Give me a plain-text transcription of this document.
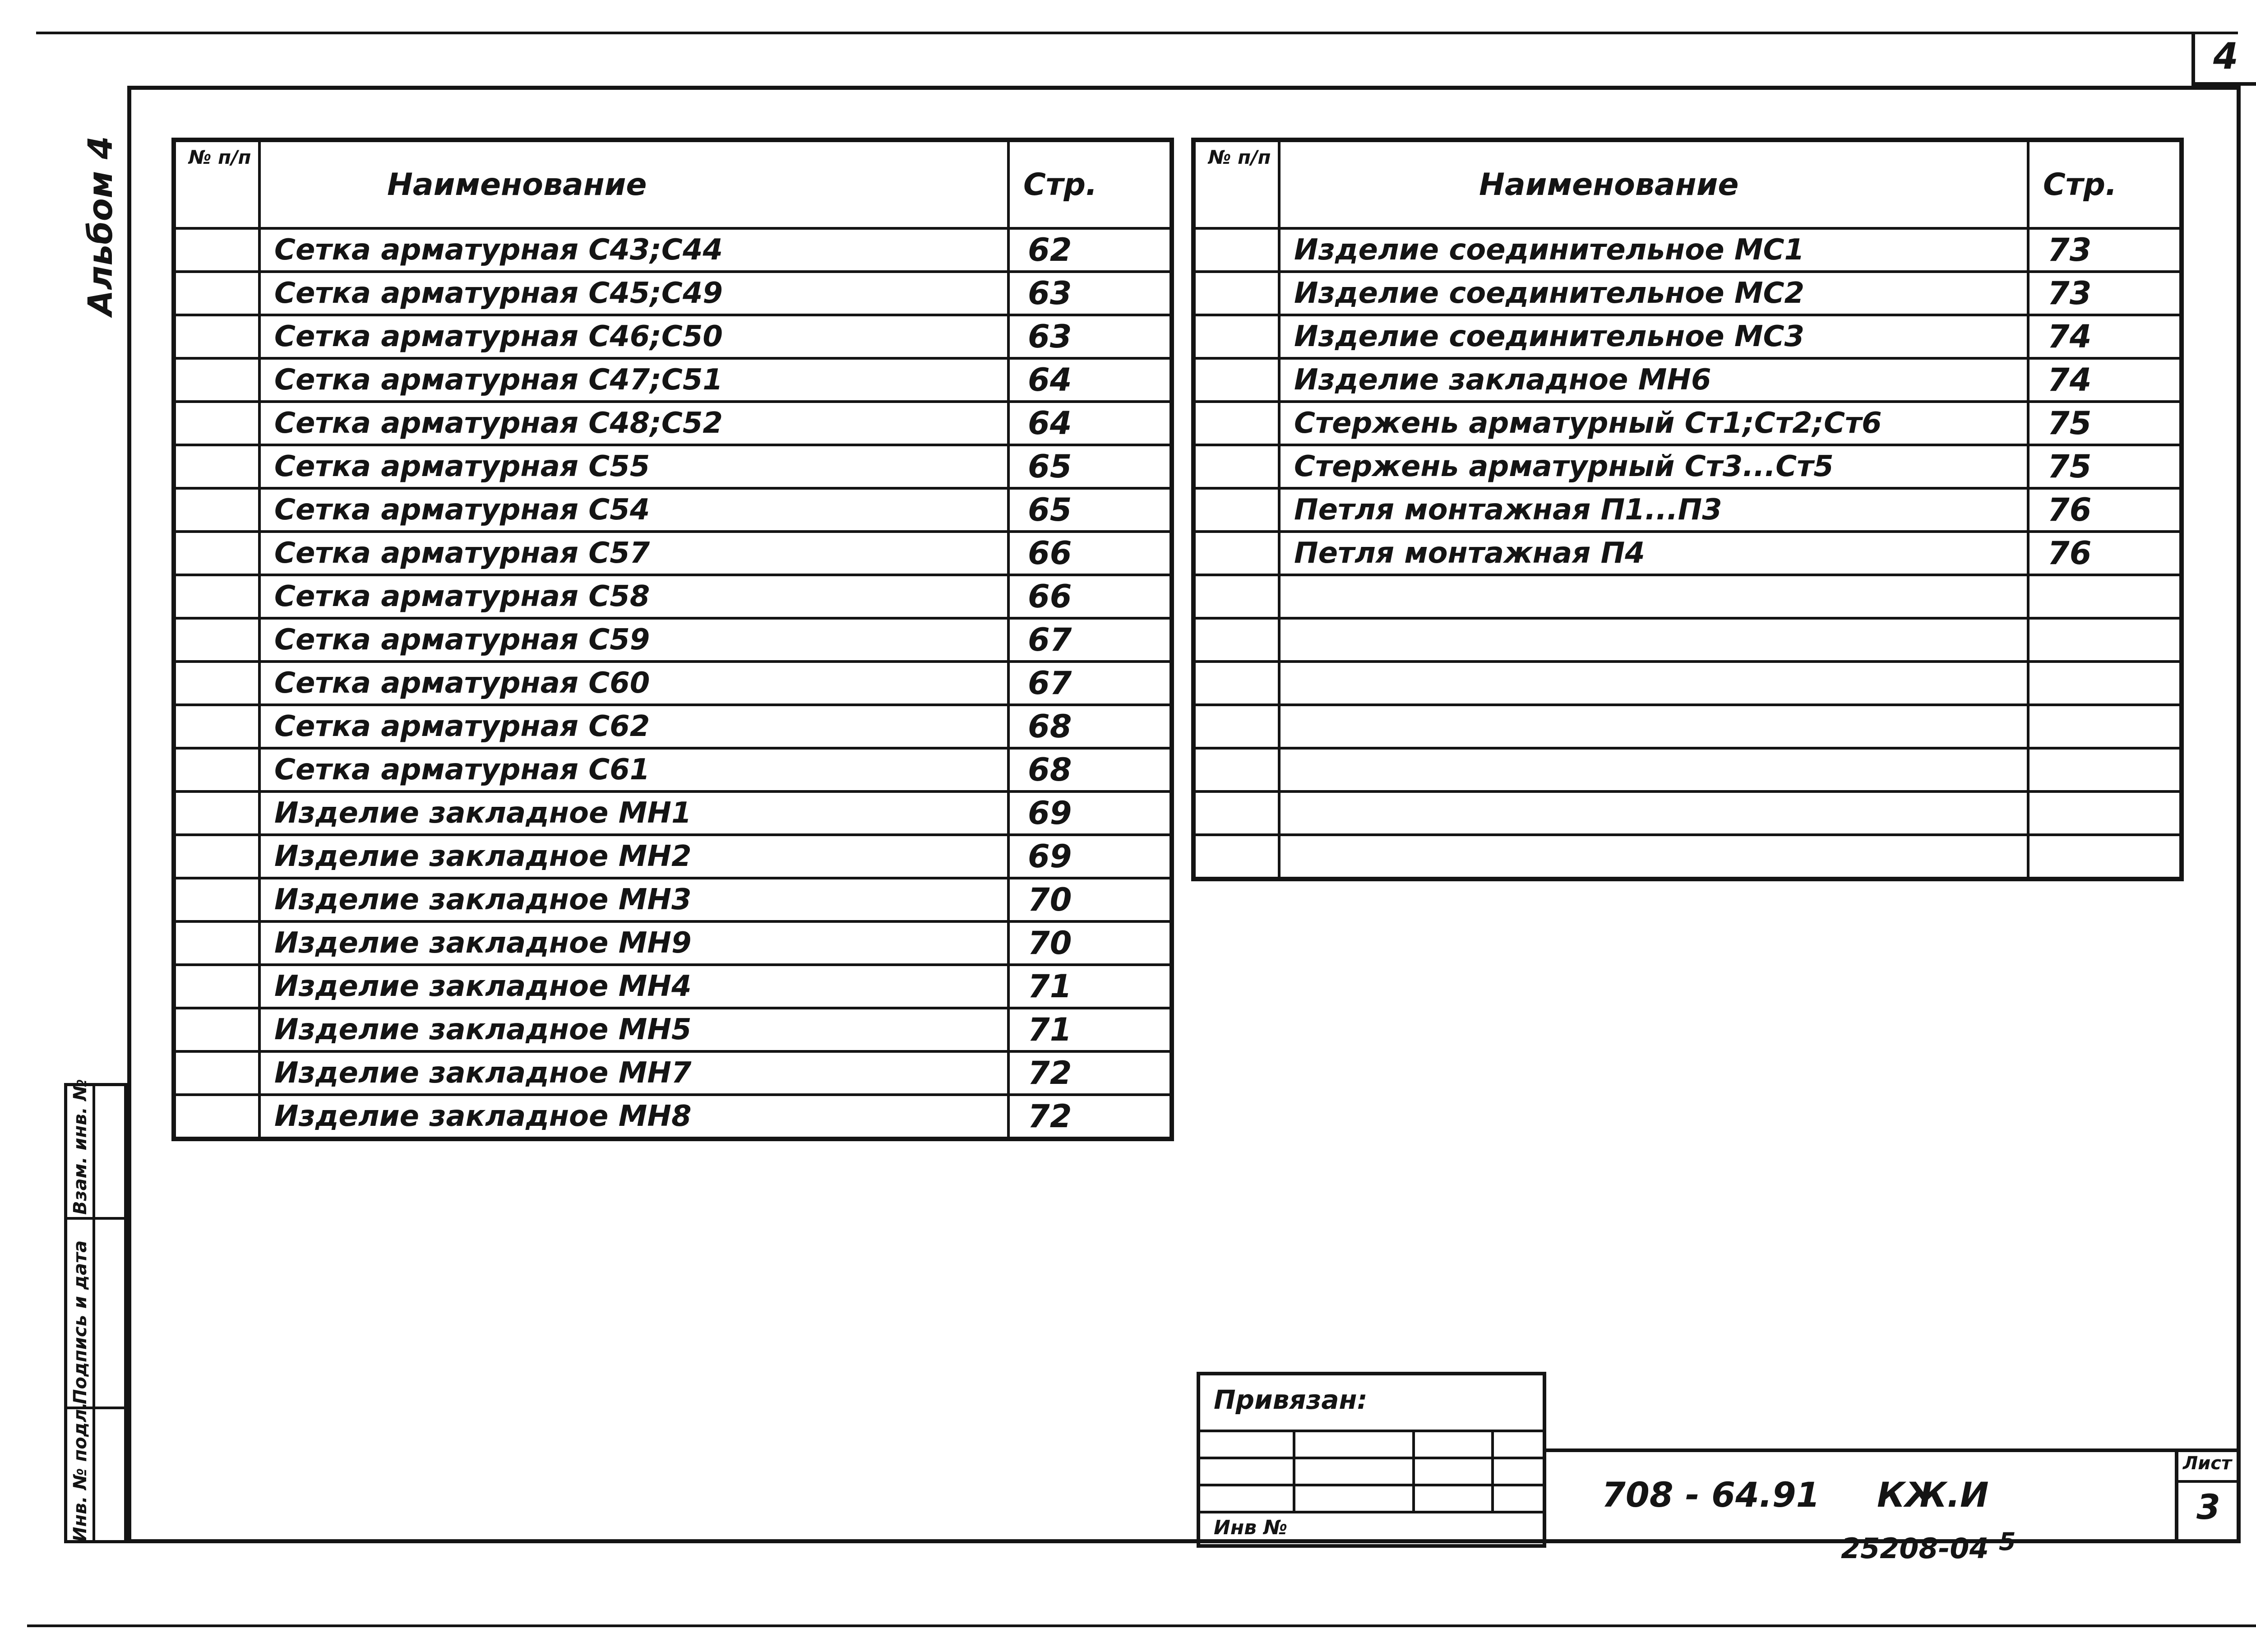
4
Альбом 4	№ п/п	Наименование	Стр.
	Сетка арматурная С43;С44	62
	Сетка арматурная С45;С49	63
	Сетка арматурная С46;С50	63
	Сетка арматурная С47;С51	64
	Сетка арматурная С48;С52	64
	Сетка арматурная С55	65
	Сетка арматурная С54	65
	Сетка арматурная С57	66
	Сетка арматурная С58	66
	Сетка арматурная С59	67
	Сетка арматурная С60	67
	Сетка арматурная С62	68
	Сетка арматурная С61	68
	Изделие закладное МН1	69
	Изделие закладное МН2	69
	Изделие закладное МН3	70
	Изделие закладное МН9	70
	Изделие закладное МН4	71
	Изделие закладное МН5	71
	Изделие закладное МН7	72
	Изделие закладное МН8	72
№ п/п	Наименование	Стр.
	Изделие соединительное МС1	73
	Изделие соединительное МС2	73
	Изделие соединительное МС3	74
	Изделие закладное МН6	74
	Стержень арматурный Ст1;Ст2;Ст6	75
	Стержень арматурный Ст3...Ст5	75
	Петля монтажная П1...П3	76
	Петля монтажная П4	76

Взам. инв. №
Подпись и дата
Инв. № подл.
Привязан:
Инв №
708 - 64.91 КЖ.И
Лист
3
25208-04 5
